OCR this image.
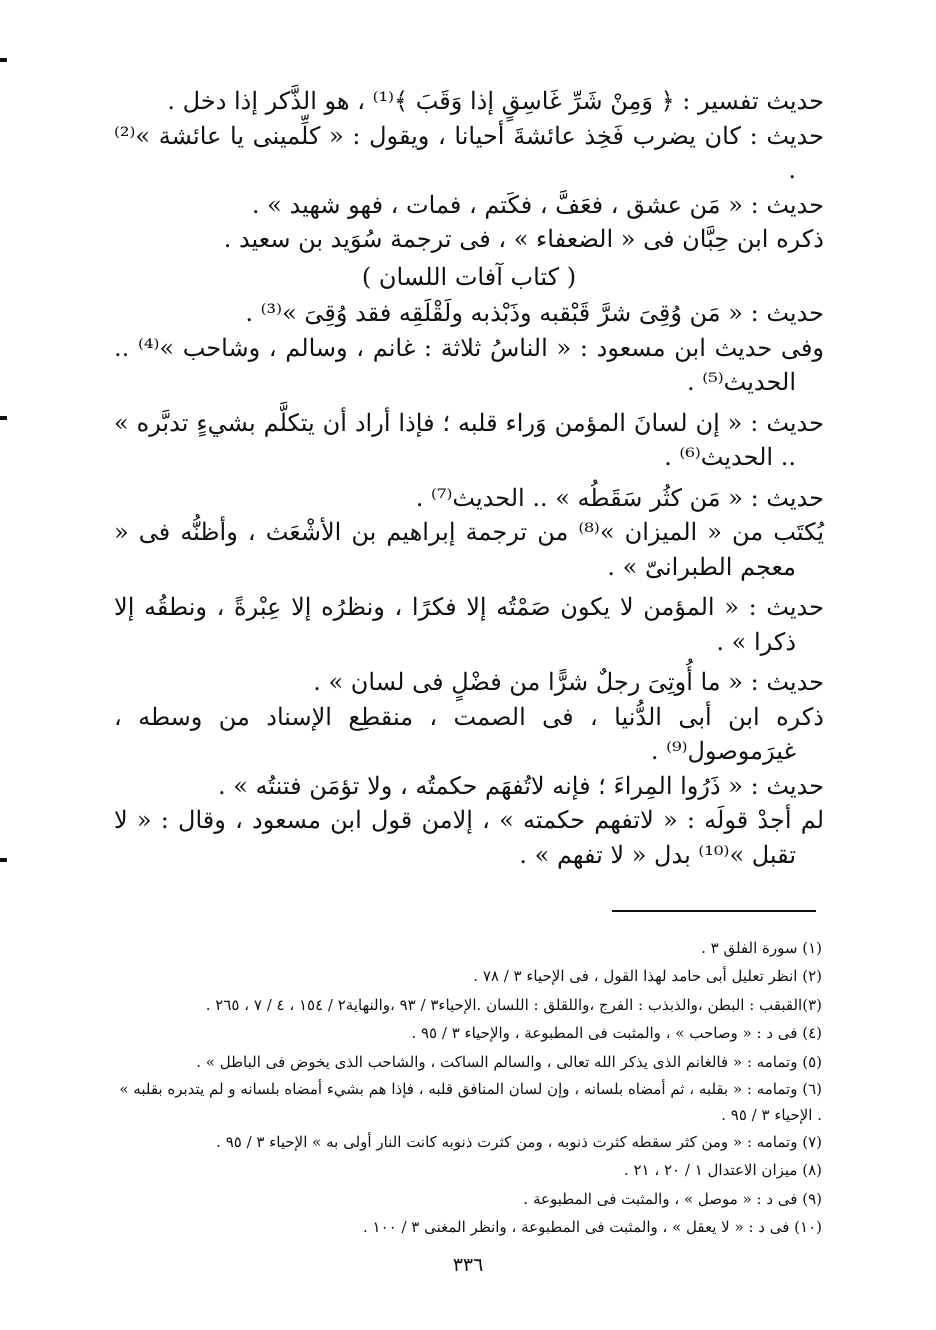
حديث تفسير : ﴿ وَمِنْ شَرِّ غَاسِقٍ إذا وَقَبَ ﴾⁽¹⁾ ، هو الذَّكر إذا دخل .

حديث : كان يضرب فَخِذ عائشةَ أحيانا ، ويقول : « كلِّمينى يا عائشة »⁽²⁾ .

حديث : « مَن عشق ، فعَفَّ ، فكَتم ، فمات ، فهو شهيد » .

ذكره ابن حِبَّان فى « الضعفاء » ، فى ترجمة سُوَيد بن سعيد .

( كتاب آفات اللسان )

حديث : « مَن وُقِىَ شرَّ قَبْقبه وذَبْذبه ولَقْلَقِه فقد وُقِىَ »⁽³⁾ .

وفى حديث ابن مسعود : « الناسُ ثلاثة : غانم ، وسالم ، وشاحب »⁽⁴⁾ .. الحديث⁽⁵⁾ .

حديث : « إن لسانَ المؤمن وَراء قلبه ؛ فإذا أراد أن يتكلَّم بشيءٍ تدبَّره » .. الحديث⁽⁶⁾ .

حديث : « مَن كثُر سَقَطُه » .. الحديث⁽⁷⁾ .

يُكتَب من « الميزان »⁽⁸⁾ من ترجمة إبراهيم بن الأشْعَث ، وأظنُّه فى « معجم الطبرانىّ » .

حديث : « المؤمن لا يكون صَمْتُه إلا فكرًا ، ونظرُه إلا عِبْرةً ، ونطقُه إلا ذكرا » .

حديث : « ما أُوتِىَ رجلٌ شرًّا من فضْلٍ فى لسان » .

ذكره ابن أبى الدُّنيا ، فى الصمت ، منقطِع الإسناد من وسطه ، غيرَموصول⁽⁹⁾ .

حديث : « ذَرُوا المِراءَ ؛ فإنه لاتُفهَم حكمتُه ، ولا تؤمَن فتنتُه » .

لم أجدْ قولَه : « لاتفهم حكمته » ، إلامن قول ابن مسعود ، وقال : « لا تقبل »⁽¹⁰⁾ بدل « لا تفهم » .

(١) سورة الفلق ٣ .

(٢) انظر تعليل أبى حامد لهذا القول ، فى الإحياء ٣ / ٧٨ .

(٣)القبقب : البطن ،والذبذب : الفرج ،واللقلق : اللسان .الإحياء٣ / ٩٣ ،والنهاية٢ / ١٥٤ ، ٤ / ٧ ، ٢٦٥ .

(٤) فى د : « وصاحب » ، والمثبت فى المطبوعة ، والإحياء ٣ / ٩٥ .

(٥) وتمامه : « فالغانم الذى يذكر الله تعالى ، والسالم الساكت ، والشاحب الذى يخوض فى الباطل » .

(٦) وتمامه : « بقلبه ، ثم أمضاه بلسانه ، وإن لسان المنافق قلبه ، فإذا هم بشيء أمضاه بلسانه و لم يتدبره بقلبه » . الإحياء ٣ / ٩٥ .

(٧) وتمامه : « ومن كثر سقطه كثرت ذنوبه ، ومن كثرت ذنوبه كانت النار أولى به » الإحياء ٣ / ٩٥ .

(٨) ميزان الاعتدال ١ / ٢٠ ، ٢١ .

(٩) فى د : « موصل » ، والمثبت فى المطبوعة .

(١٠) فى د : « لا يعقل » ، والمثبت فى المطبوعة ، وانظر المغنى ٣ / ١٠٠ .

٣٣٦
